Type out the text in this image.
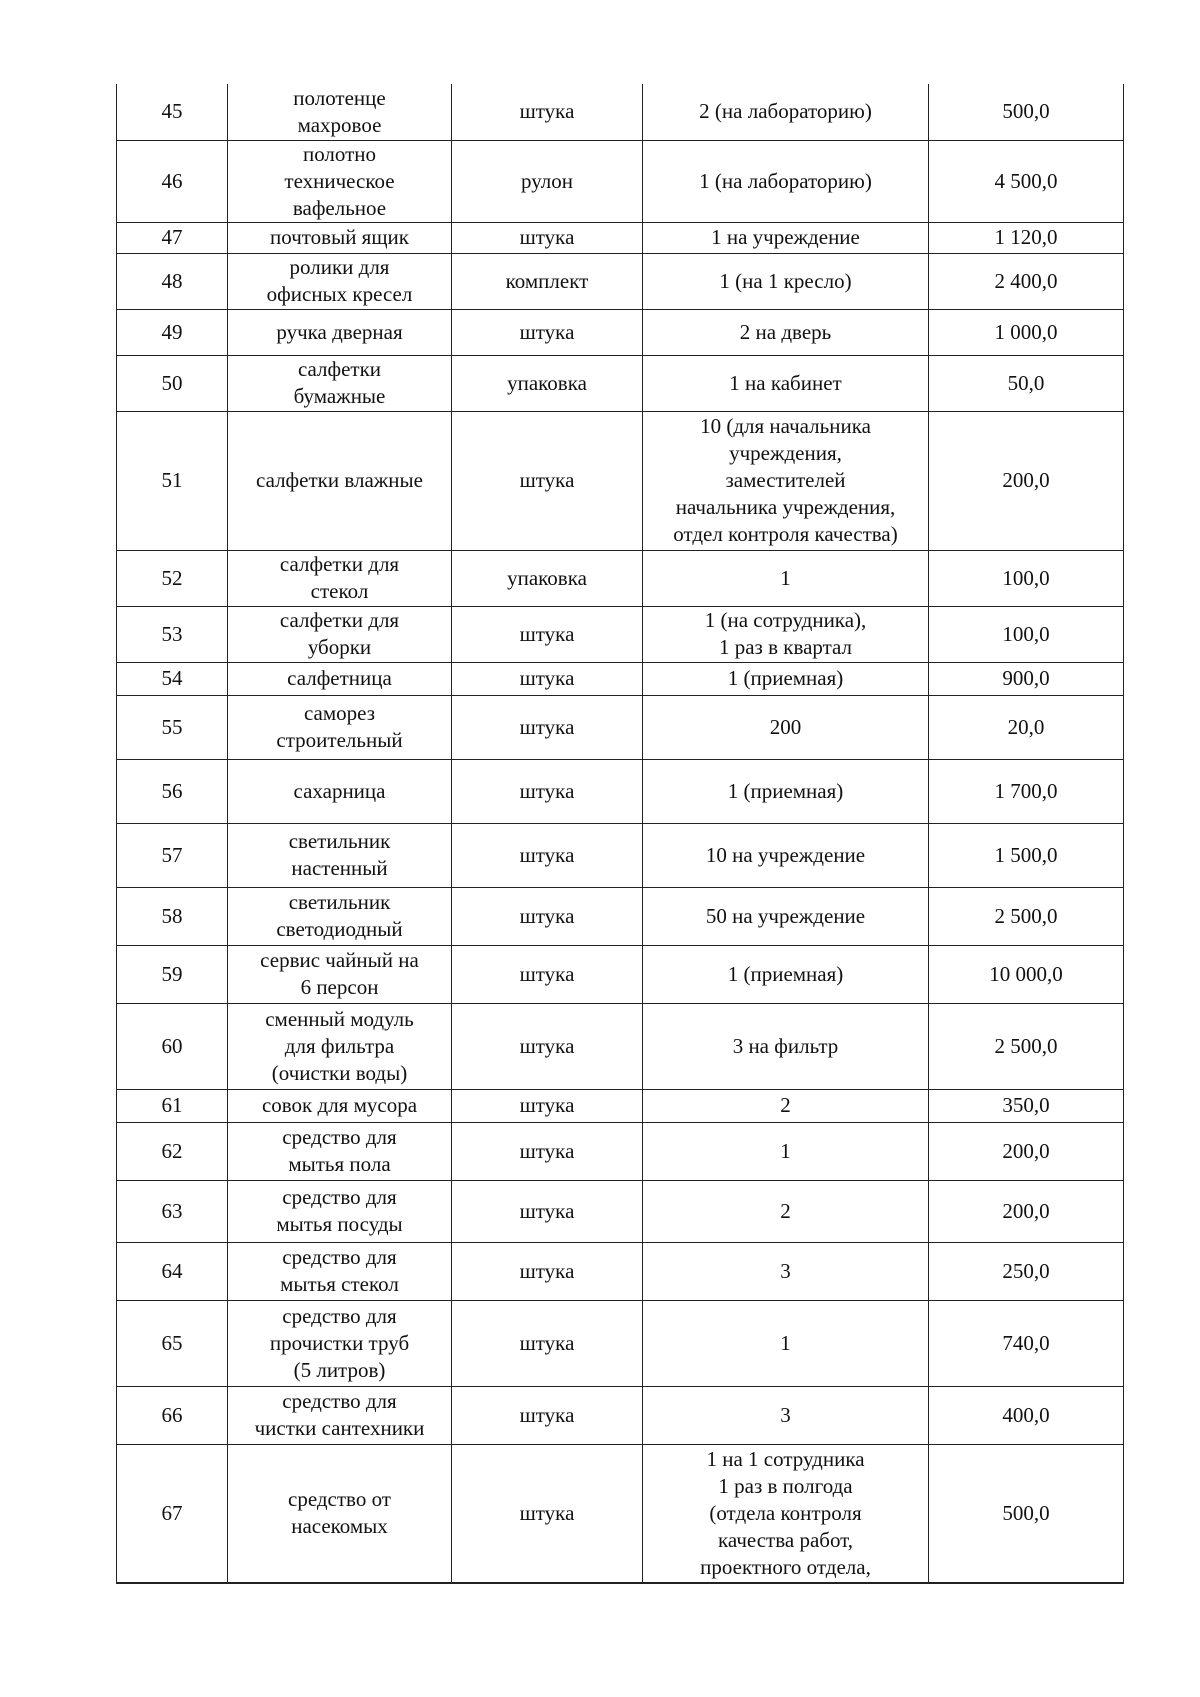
45	полотенце
махровое	штука	2 (на лабораторию)	500,0
46	полотно
техническое
вафельное	рулон	1 (на лабораторию)	4 500,0
47	почтовый ящик	штука	1 на учреждение	1 120,0
48	ролики для
офисных кресел	комплект	1 (на 1 кресло)	2 400,0
49	ручка дверная	штука	2 на дверь	1 000,0
50	салфетки
бумажные	упаковка	1 на кабинет	50,0
51	салфетки влажные	штука	10 (для начальника
учреждения,
заместителей
начальника учреждения,
отдел контроля качества)	200,0
52	салфетки для
стекол	упаковка	1	100,0
53	салфетки для
уборки	штука	1 (на сотрудника),
1 раз в квартал	100,0
54	салфетница	штука	1 (приемная)	900,0
55	саморез
строительный	штука	200	20,0
56	сахарница	штука	1 (приемная)	1 700,0
57	светильник
настенный	штука	10 на учреждение	1 500,0
58	светильник
светодиодный	штука	50 на учреждение	2 500,0
59	сервис чайный на
6 персон	штука	1 (приемная)	10 000,0
60	сменный модуль
для фильтра
(очистки воды)	штука	3 на фильтр	2 500,0
61	совок для мусора	штука	2	350,0
62	средство для
мытья пола	штука	1	200,0
63	средство для
мытья посуды	штука	2	200,0
64	средство для
мытья стекол	штука	3	250,0
65	средство для
прочистки труб
(5 литров)	штука	1	740,0
66	средство для
чистки сантехники	штука	3	400,0
67	средство от
насекомых	штука	1 на 1 сотрудника
1 раз в полгода
(отдела контроля
качества работ,
проектного отдела,	500,0
